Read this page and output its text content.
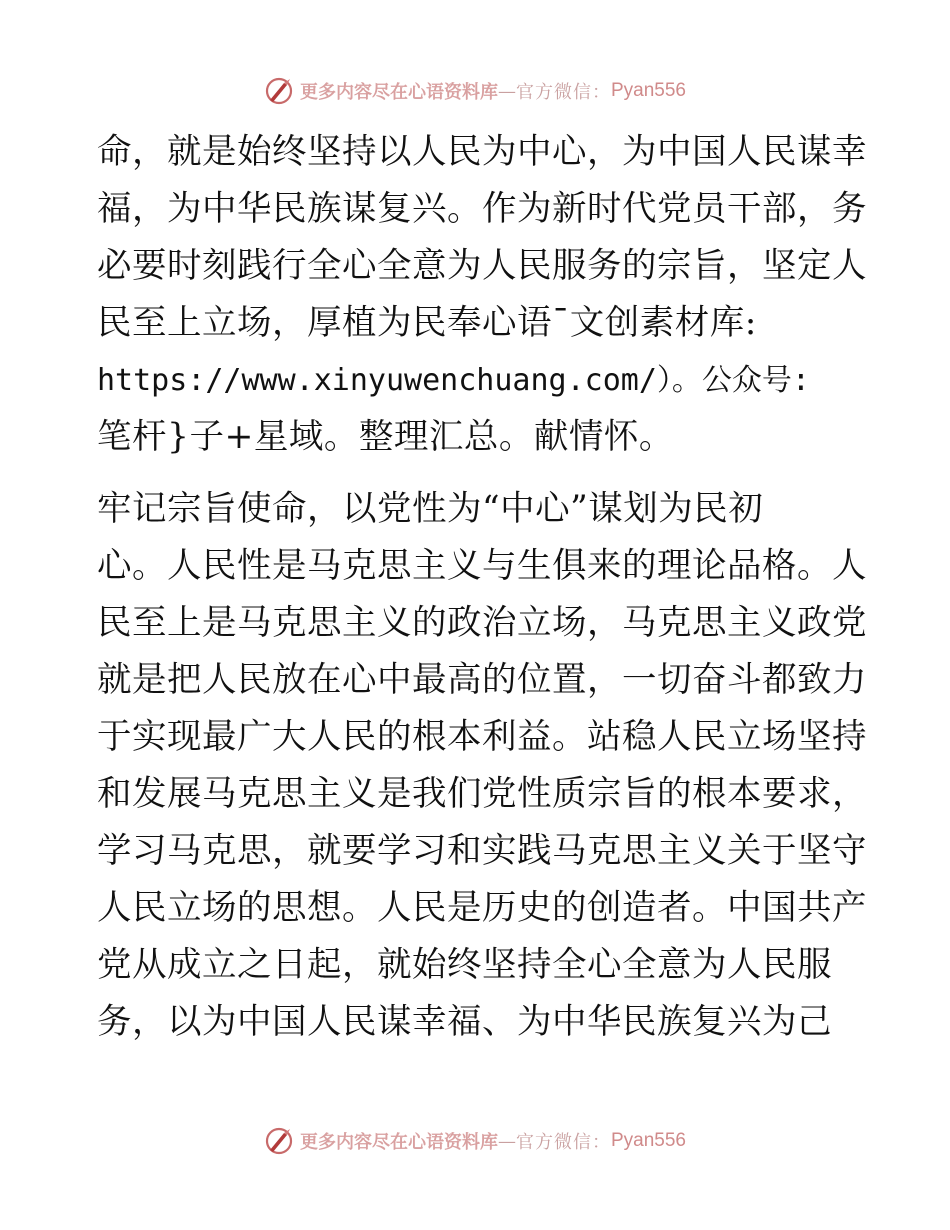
更多内容尽在心语资料库 — 官方微信： Pyan556
命，就是始终坚持以人民为中心，为中国人民谋幸
福，为中华民族谋复兴。作为新时代党员干部，务
必要时刻践行全心全意为人民服务的宗旨，坚定人
民至上立场，厚植为民奉心语¯文创素材库:
https://www.xinyuwenchuang.com/）。公众号:
笔杆}子+星域。整理汇总。献情怀。
牢记宗旨使命，以党性为“中心”谋划为民初
心。人民性是马克思主义与生俱来的理论品格。人
民至上是马克思主义的政治立场，马克思主义政党
就是把人民放在心中最高的位置，一切奋斗都致力
于实现最广大人民的根本利益。站稳人民立场坚持
和发展马克思主义是我们党性质宗旨的根本要求，
学习马克思，就要学习和实践马克思主义关于坚守
人民立场的思想。人民是历史的创造者。中国共产
党从成立之日起，就始终坚持全心全意为人民服
务，以为中国人民谋幸福、为中华民族复兴为己
更多内容尽在心语资料库 — 官方微信： Pyan556
